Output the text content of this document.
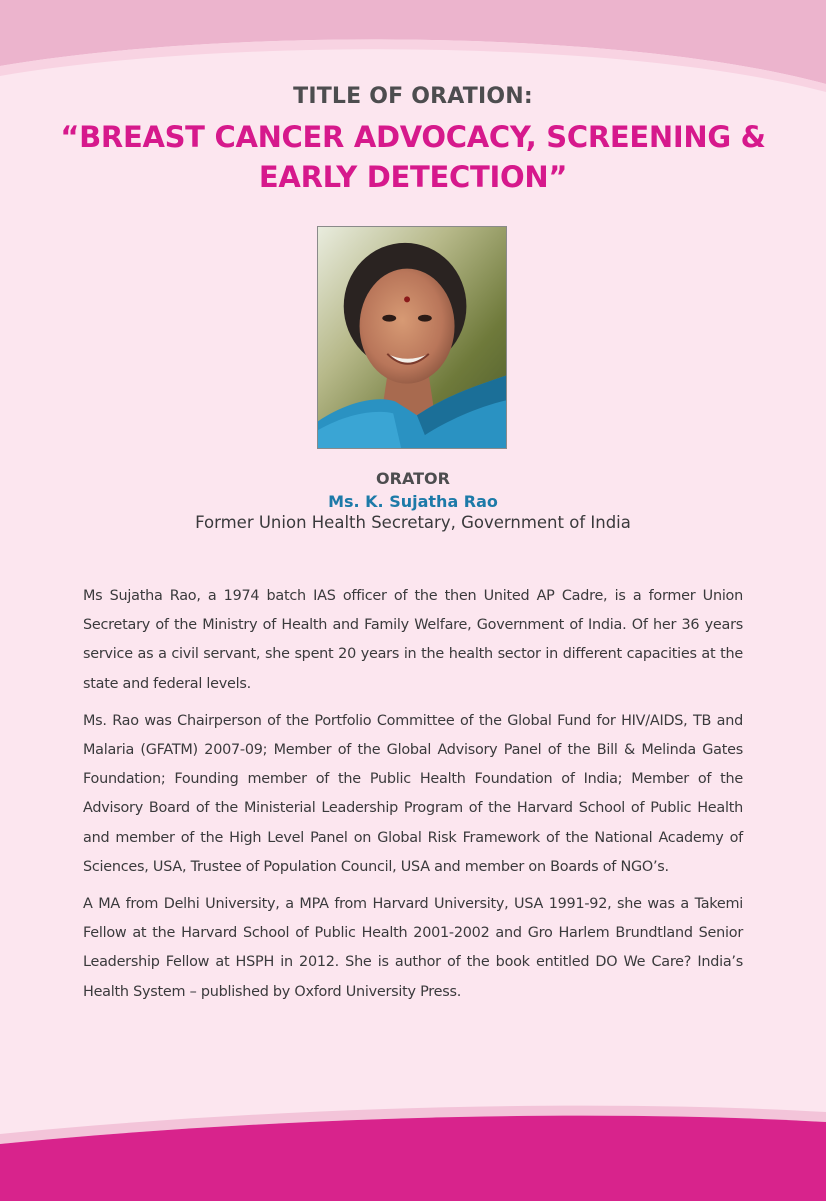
TITLE OF ORATION:
“BREAST CANCER ADVOCACY, SCREENING & EARLY DETECTION”
ORATOR
Ms. K. Sujatha Rao
Former Union Health Secretary, Government of India

Ms Sujatha Rao, a 1974 batch IAS officer of the then United AP Cadre, is a former Union Secretary of the Ministry of Health and Family Welfare, Government of India. Of her 36 years service as a civil servant, she spent 20 years in the health sector in different capacities at the state and federal levels.

Ms. Rao was Chairperson of the Portfolio Committee of the Global Fund for HIV/AIDS, TB and Malaria (GFATM) 2007-09; Member of the Global Advisory Panel of the Bill & Melinda Gates Foundation; Founding member of the Public Health Foundation of India; Member of the Advisory Board of the Ministerial Leadership Program of the Harvard School of Public Health and member of the High Level Panel on Global Risk Framework of the National Academy of Sciences, USA, Trustee of Population Council, USA and member on Boards of NGO’s.

A MA from Delhi University, a MPA from Harvard University, USA 1991-92, she was a Takemi Fellow at the Harvard School of Public Health 2001-2002 and Gro Harlem Brundtland Senior Leadership Fellow at HSPH in 2012. She is author of the book entitled DO We Care? India’s Health System – published by Oxford University Press.
